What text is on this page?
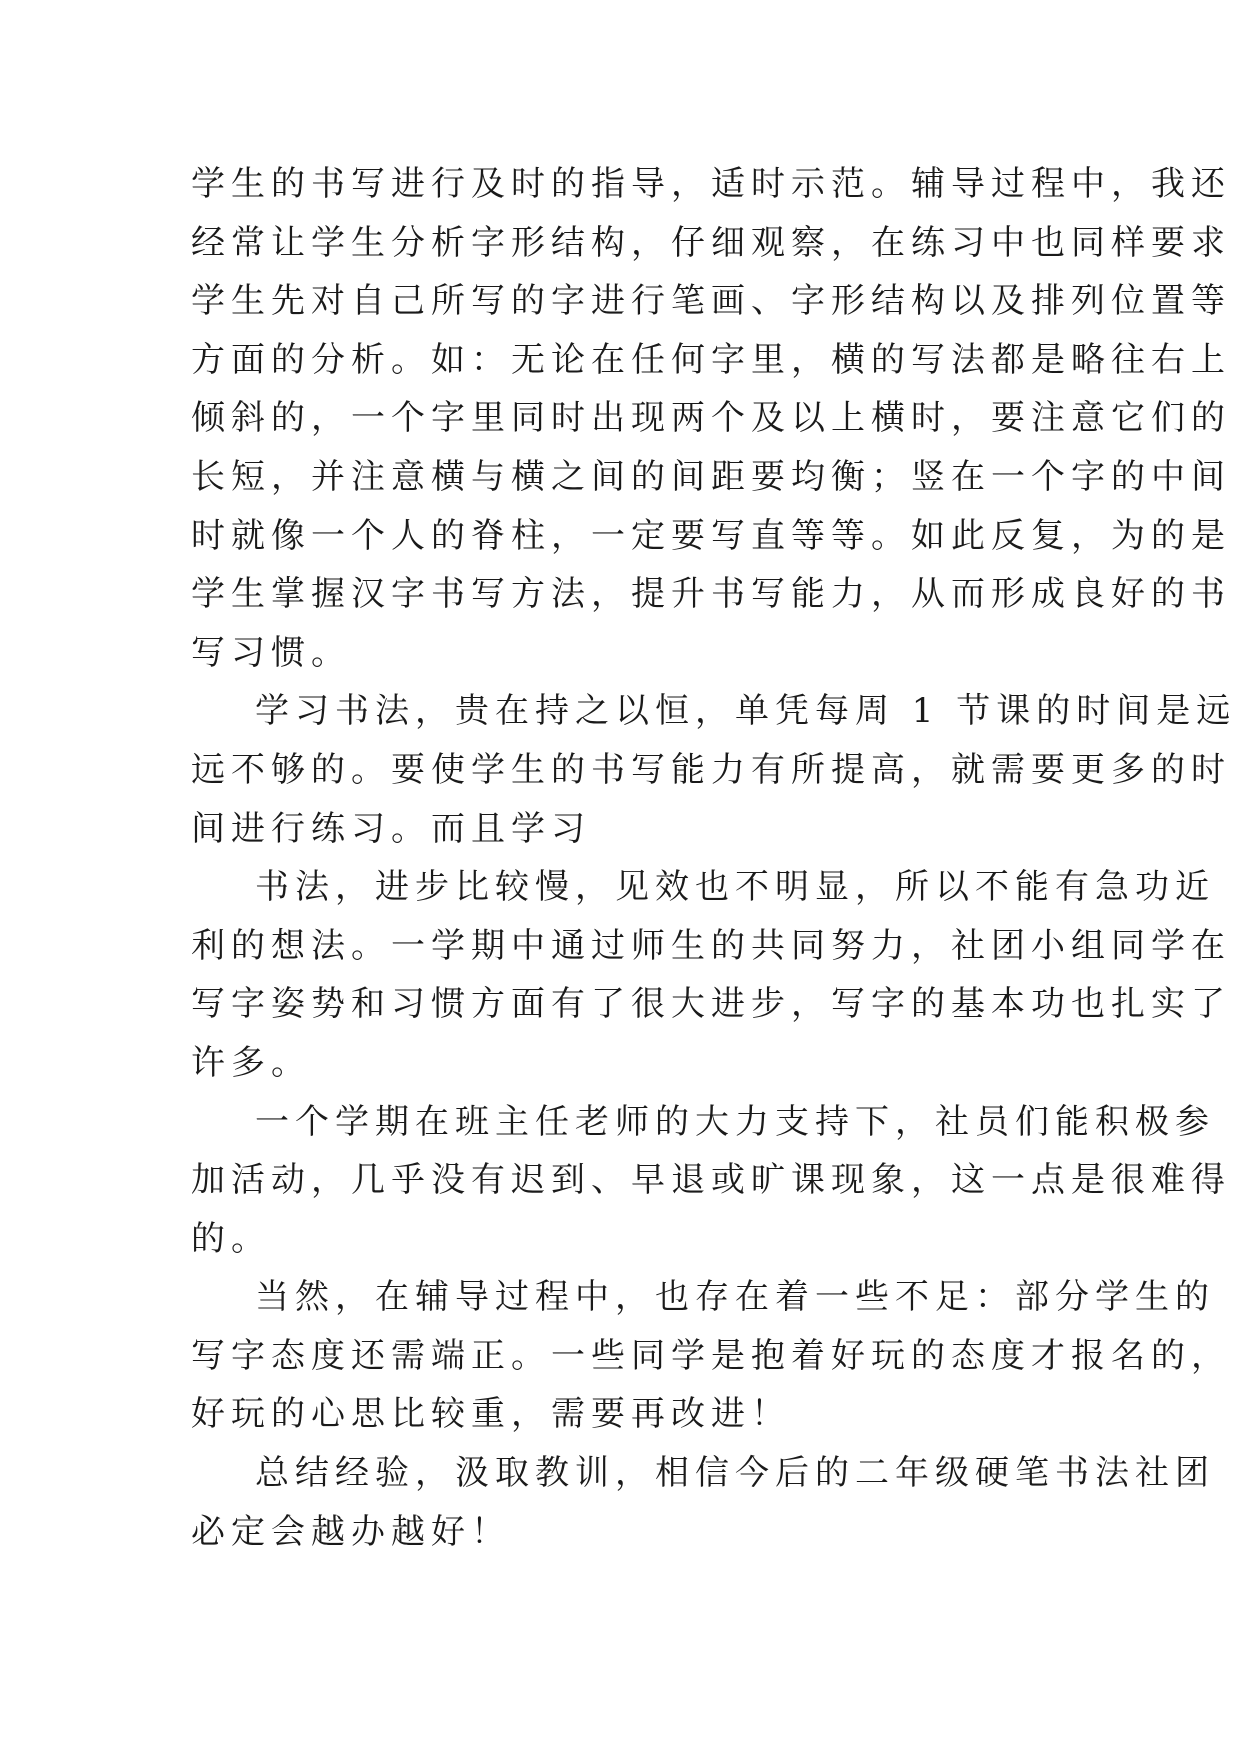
学生的书写进行及时的指导，适时示范。辅导过程中，我还
经常让学生分析字形结构，仔细观察，在练习中也同样要求
学生先对自己所写的字进行笔画、字形结构以及排列位置等
方面的分析。如：无论在任何字里，横的写法都是略往右上
倾斜的，一个字里同时出现两个及以上横时，要注意它们的
长短，并注意横与横之间的间距要均衡；竖在一个字的中间
时就像一个人的脊柱，一定要写直等等。如此反复，为的是
学生掌握汉字书写方法，提升书写能力，从而形成良好的书
写习惯。
学习书法，贵在持之以恒，单凭每周 1 节课的时间是远
远不够的。要使学生的书写能力有所提高，就需要更多的时
间进行练习。而且学习
书法，进步比较慢，见效也不明显，所以不能有急功近
利的想法。一学期中通过师生的共同努力，社团小组同学在
写字姿势和习惯方面有了很大进步，写字的基本功也扎实了
许多。
一个学期在班主任老师的大力支持下，社员们能积极参
加活动，几乎没有迟到、早退或旷课现象，这一点是很难得
的。
当然，在辅导过程中，也存在着一些不足：部分学生的
写字态度还需端正。一些同学是抱着好玩的态度才报名的，
好玩的心思比较重，需要再改进！
总结经验，汲取教训，相信今后的二年级硬笔书法社团
必定会越办越好！
